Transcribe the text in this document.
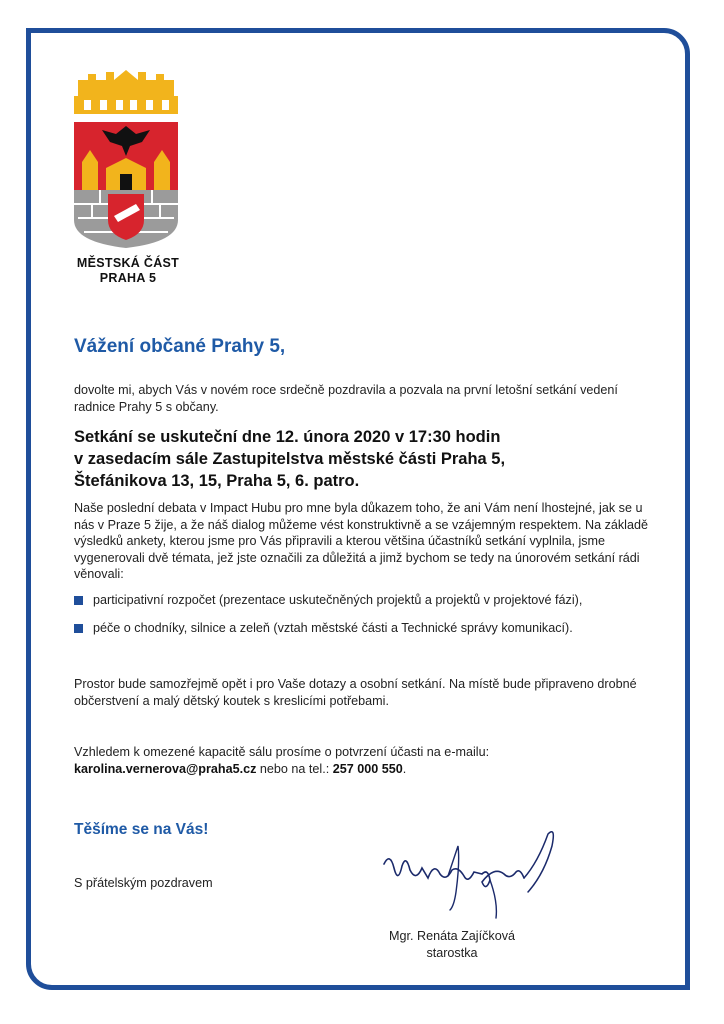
MĚSTSKÁ ČÁST
PRAHA 5
Vážení občané Prahy 5,
dovolte mi, abych Vás v novém roce srdečně pozdravila a pozvala na první letošní setkání vedení radnice Prahy 5 s občany.
Setkání se uskuteční dne 12. února 2020 v 17:30 hodin
v zasedacím sále Zastupitelstva městské části Praha 5,
Štefánikova 13, 15, Praha 5, 6. patro.
Naše poslední debata v Impact Hubu pro mne byla důkazem toho, že ani Vám není lhostejné, jak se u nás v Praze 5 žije, a že náš dialog můžeme vést konstruktivně a se vzájemným respektem. Na základě výsledků ankety, kterou jsme pro Vás připravili a kterou většina účastníků setkání vyplnila, jsme vygenerovali dvě témata, jež jste označili za důležitá a jimž bychom se tedy na únorovém setkání rádi věnovali:
participativní rozpočet (prezentace uskutečněných projektů a projektů v projektové fázi),
péče o chodníky, silnice a zeleň (vztah městské části a Technické správy komunikací).
Prostor bude samozřejmě opět i pro Vaše dotazy a osobní setkání. Na místě bude připraveno drobné občerstvení a malý dětský koutek s kreslicími potřebami.
Vzhledem k omezené kapacitě sálu prosíme o potvrzení účasti na e-mailu: karolina.vernerova@praha5.cz nebo na tel.: 257 000 550.
Těšíme se na Vás!
S přátelským pozdravem
Mgr. Renáta Zajíčková
starostka
